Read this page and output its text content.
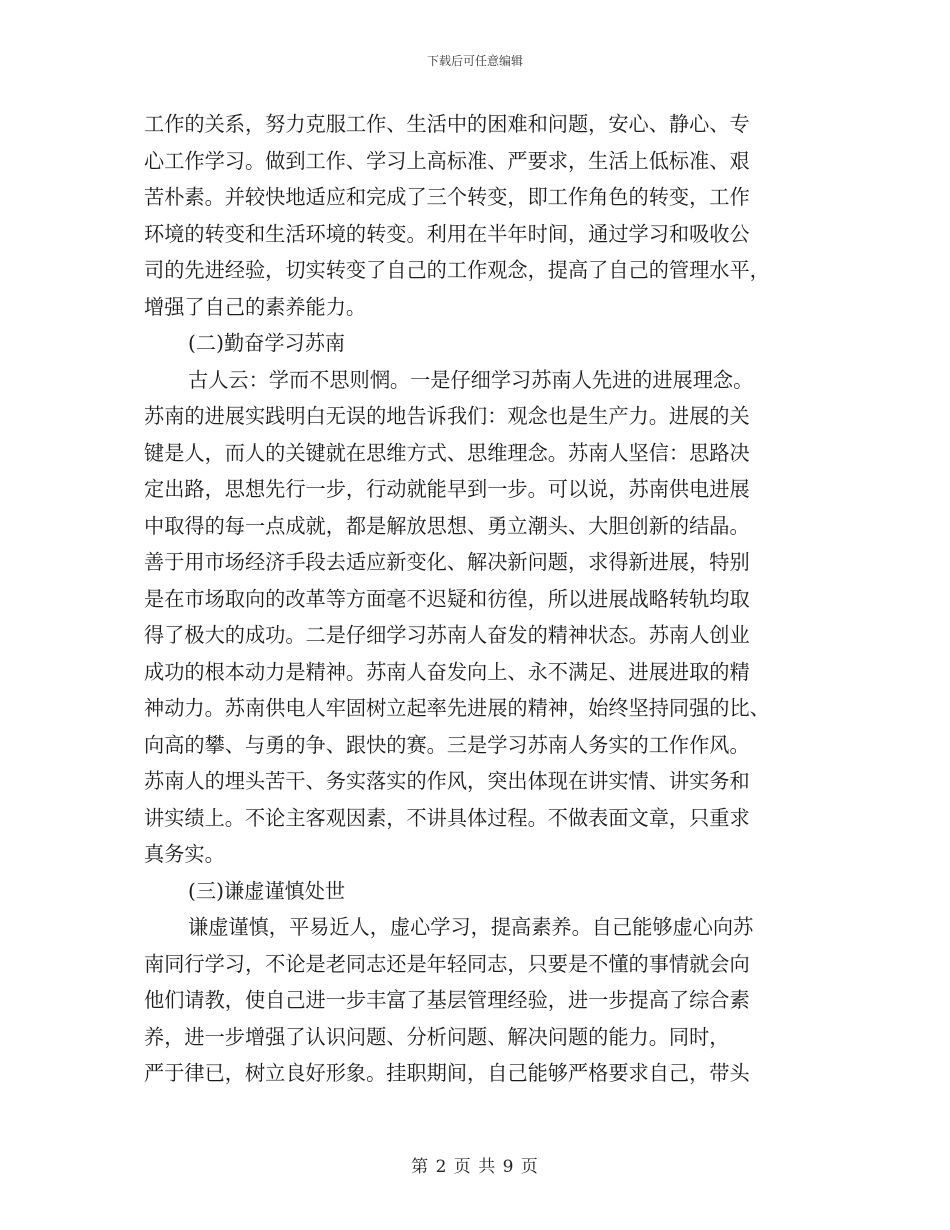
下载后可任意编辑
工作的关系，努力克服工作、生活中的困难和问题，安心、静心、专
心工作学习。做到工作、学习上高标准、严要求，生活上低标准、艰
苦朴素。并较快地适应和完成了三个转变，即工作角色的转变，工作
环境的转变和生活环境的转变。利用在半年时间，通过学习和吸收公
司的先进经验，切实转变了自己的工作观念，提高了自己的管理水平，
增强了自己的素养能力。
(二)勤奋学习苏南
古人云：学而不思则惘。一是仔细学习苏南人先进的进展理念。
苏南的进展实践明白无误的地告诉我们：观念也是生产力。进展的关
键是人，而人的关键就在思维方式、思维理念。苏南人坚信：思路决
定出路，思想先行一步，行动就能早到一步。可以说，苏南供电进展
中取得的每一点成就，都是解放思想、勇立潮头、大胆创新的结晶。
善于用市场经济手段去适应新变化、解决新问题，求得新进展，特别
是在市场取向的改革等方面毫不迟疑和彷徨，所以进展战略转轨均取
得了极大的成功。二是仔细学习苏南人奋发的精神状态。苏南人创业
成功的根本动力是精神。苏南人奋发向上、永不满足、进展进取的精
神动力。苏南供电人牢固树立起率先进展的精神，始终坚持同强的比、
向高的攀、与勇的争、跟快的赛。三是学习苏南人务实的工作作风。
苏南人的埋头苦干、务实落实的作风，突出体现在讲实情、讲实务和
讲实绩上。不论主客观因素，不讲具体过程。不做表面文章，只重求
真务实。
(三)谦虚谨慎处世
谦虚谨慎，平易近人，虚心学习，提高素养。自己能够虚心向苏
南同行学习，不论是老同志还是年轻同志，只要是不懂的事情就会向
他们请教，使自己进一步丰富了基层管理经验，进一步提高了综合素
养，进一步增强了认识问题、分析问题、解决问题的能力。同时，
严于律已，树立良好形象。挂职期间，自己能够严格要求自己，带头
第 2 页 共 9 页
